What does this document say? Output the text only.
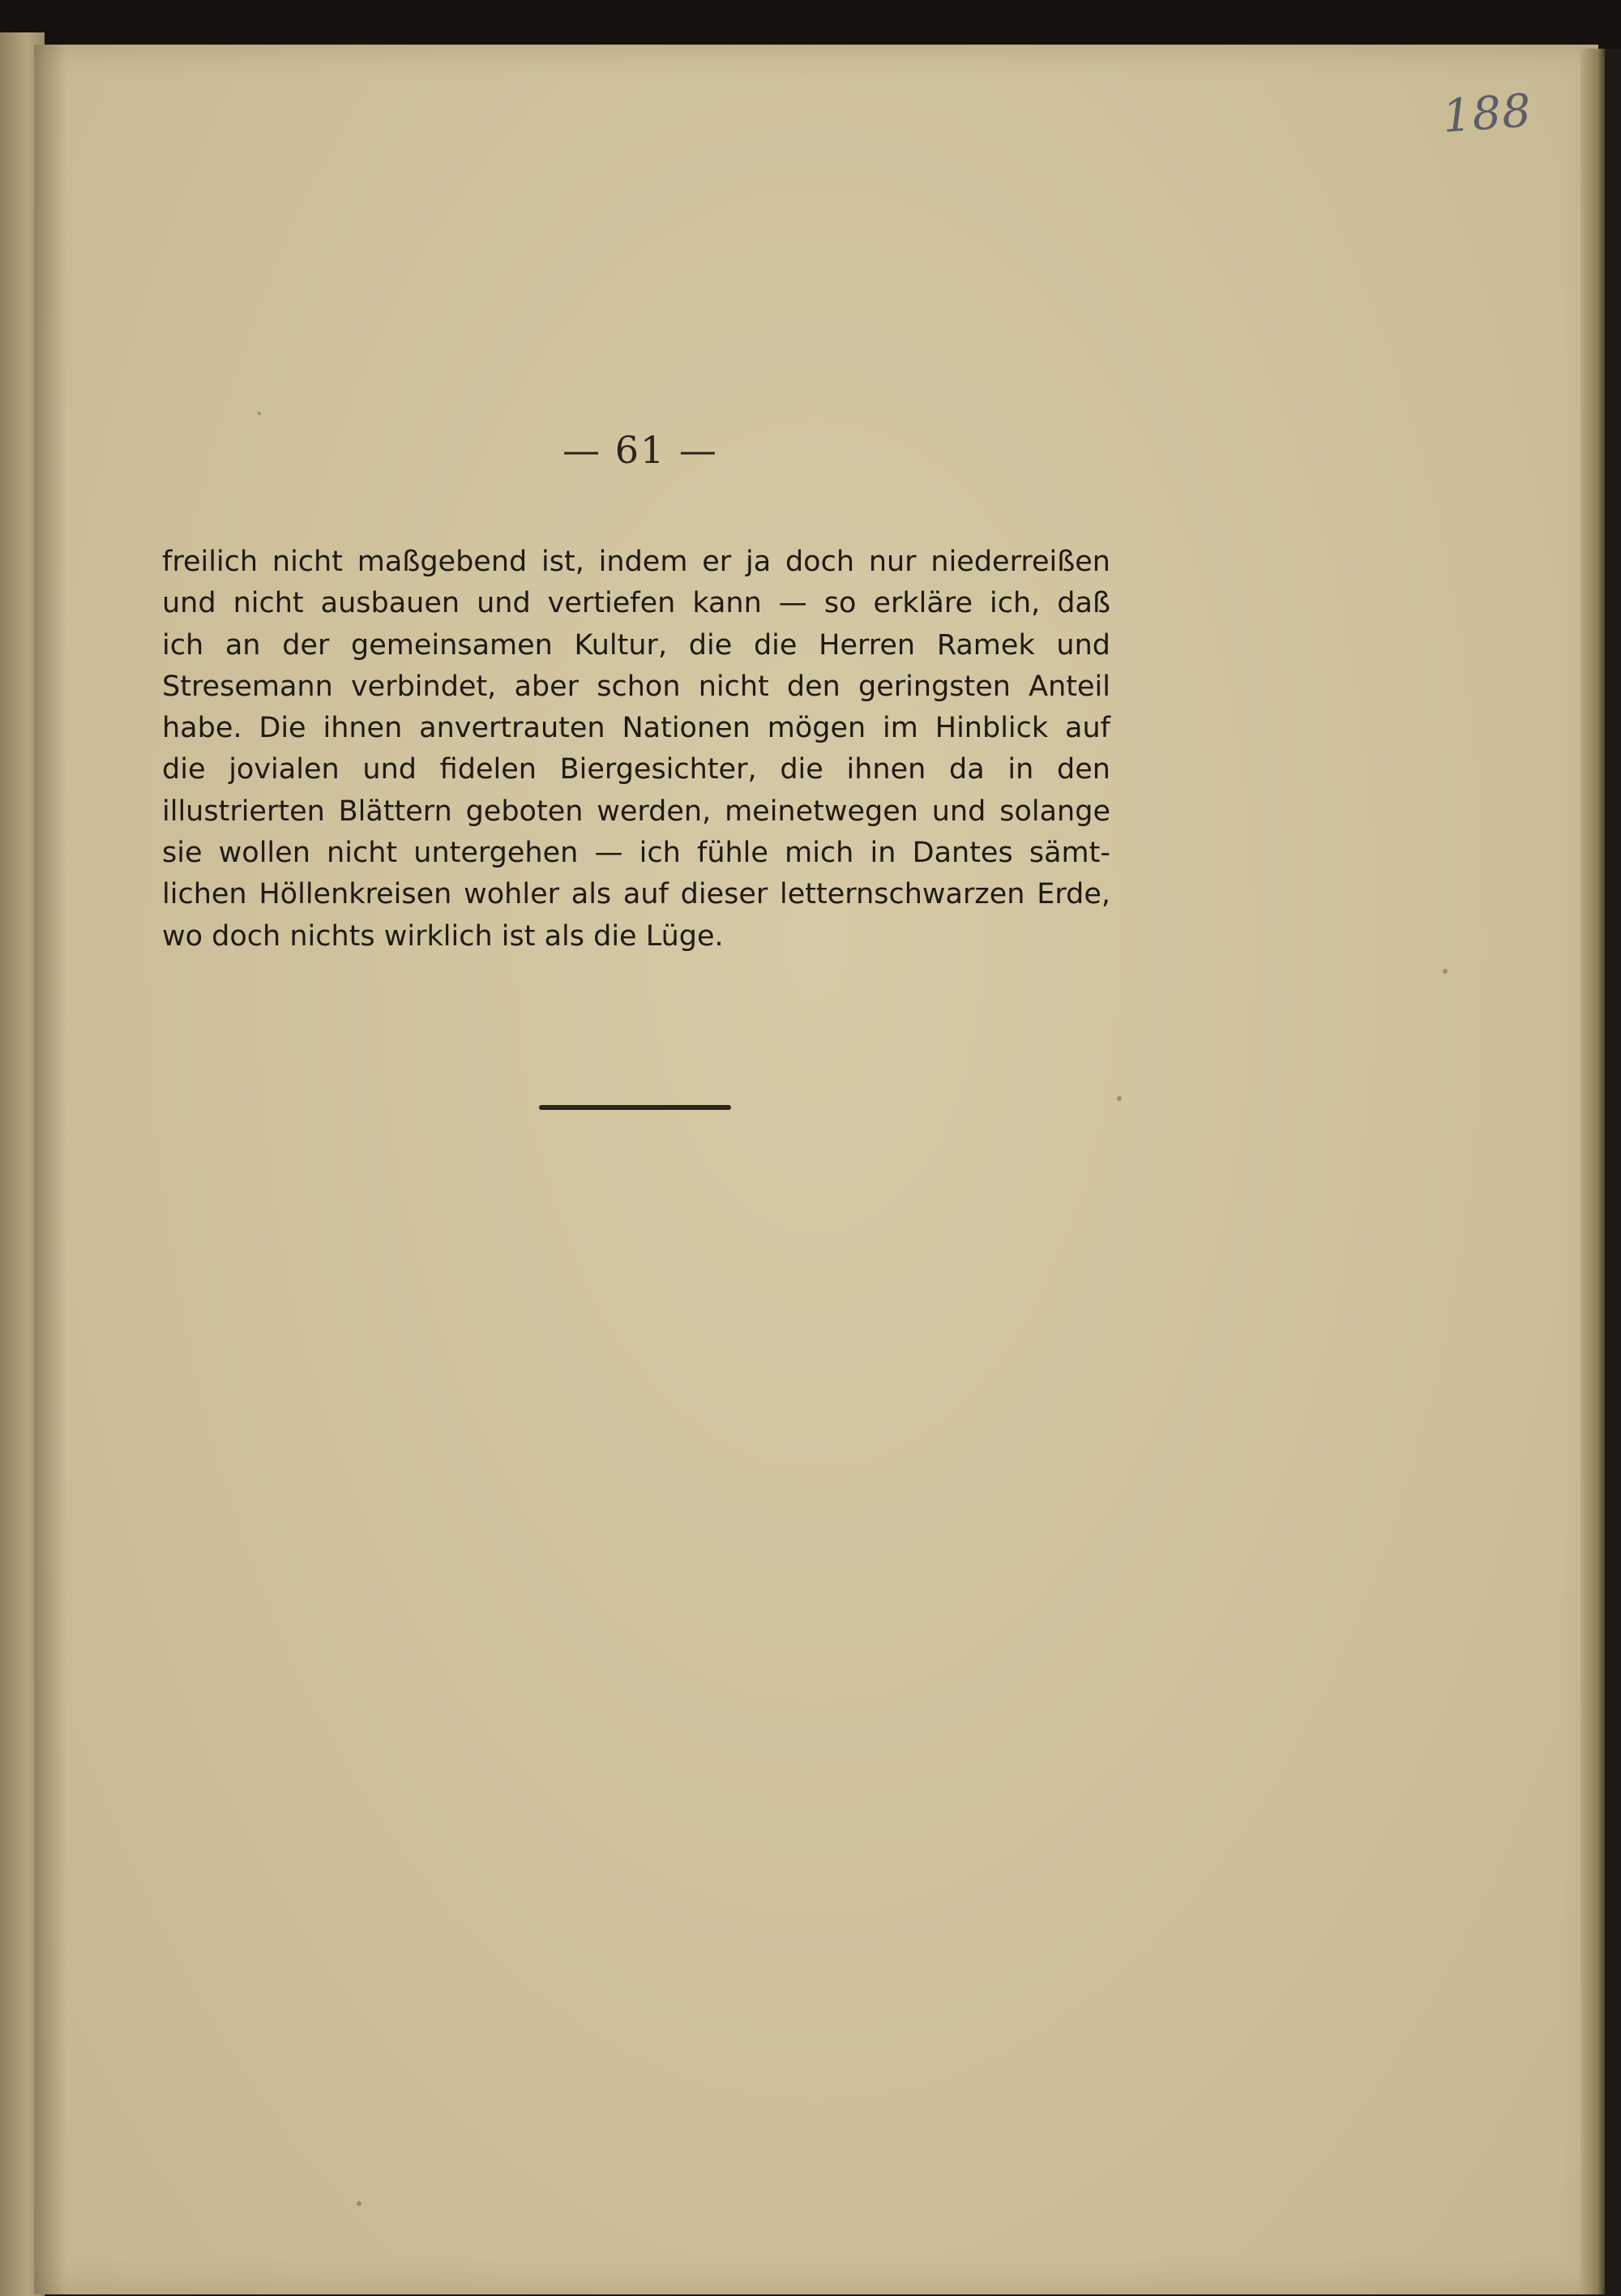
188
— 61 —
freilich nicht maßgebend ist, indem er ja doch nur niederreißen
und nicht ausbauen und vertiefen kann — so erkläre ich, daß
ich an der gemeinsamen Kultur, die die Herren Ramek und
Stresemann verbindet, aber schon nicht den geringsten Anteil
habe. Die ihnen anvertrauten Nationen mögen im Hinblick auf
die jovialen und fidelen Biergesichter, die ihnen da in den
illustrierten Blättern geboten werden, meinetwegen und solange
sie wollen nicht untergehen — ich fühle mich in Dantes sämt-
lichen Höllenkreisen wohler als auf dieser letternschwarzen Erde,
wo doch nichts wirklich ist als die Lüge.
